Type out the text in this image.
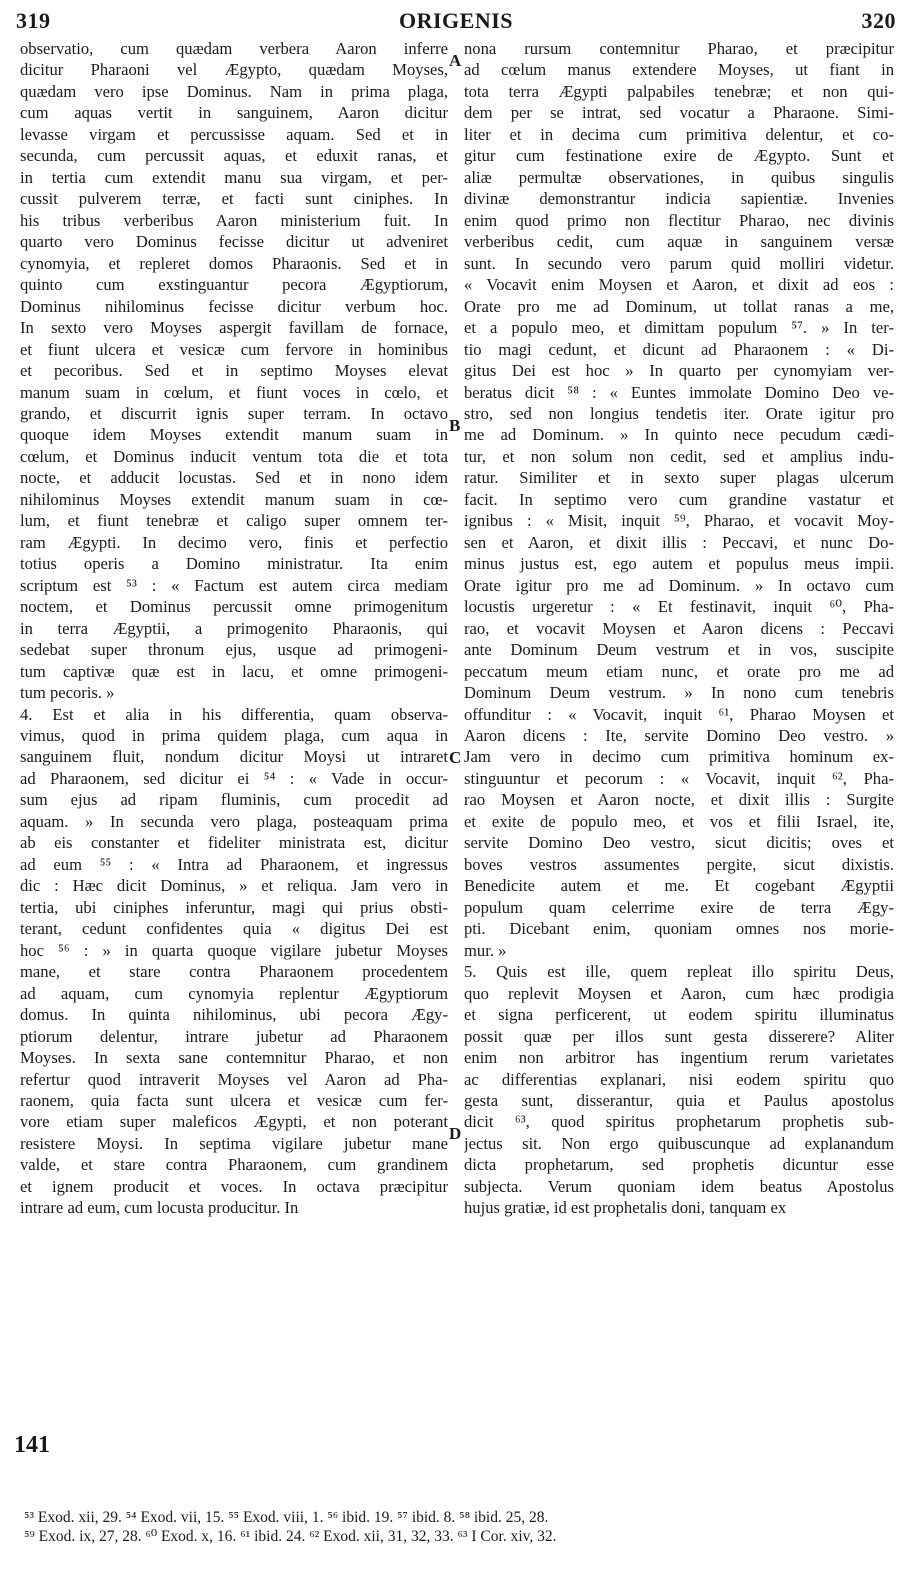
319	ORIGENIS	320
observatio, cum quædam verbera Aaron inferre
dicitur Pharaoni vel Ægypto, quædam Moyses,
quædam vero ipse Dominus. Nam in prima plaga,
cum aquas vertit in sanguinem, Aaron dicitur
levasse virgam et percussisse aquam. Sed et in
secunda, cum percussit aquas, et eduxit ranas, et
in tertia cum extendit manu sua virgam, et per-
cussit pulverem terræ, et facti sunt ciniphes. In
his tribus verberibus Aaron ministerium fuit. In
quarto vero Dominus fecisse dicitur ut adveniret
cynomyia, et repleret domos Pharaonis. Sed et in
quinto cum exstinguantur pecora Ægyptiorum,
Dominus nihilominus fecisse dicitur verbum hoc.
In sexto vero Moyses aspergit favillam de fornace,
et fiunt ulcera et vesicæ cum fervore in hominibus
et pecoribus. Sed et in septimo Moyses elevat
manum suam in cœlum, et fiunt voces in cœlo, et
grando, et discurrit ignis super terram. In octavo
quoque idem Moyses extendit manum suam in
cœlum, et Dominus inducit ventum tota die et tota
nocte, et adducit locustas. Sed et in nono idem
nihilominus Moyses extendit manum suam in cœ-
lum, et fiunt tenebræ et caligo super omnem ter-
ram Ægypti. In decimo vero, finis et perfectio
totius operis a Domino ministratur. Ita enim
scriptum est ⁵³ : « Factum est autem circa mediam
noctem, et Dominus percussit omne primogenitum
in terra Ægyptii, a primogenito Pharaonis, qui
sedebat super thronum ejus, usque ad primogeni-
tum captivæ quæ est in lacu, et omne primogeni-
tum pecoris. »
4. Est et alia in his differentia, quam observa-
vimus, quod in prima quidem plaga, cum aqua in
sanguinem fluit, nondum dicitur Moysi ut intraret
ad Pharaonem, sed dicitur ei ⁵⁴ : « Vade in occur-
sum ejus ad ripam fluminis, cum procedit ad
aquam. » In secunda vero plaga, posteaquam prima
ab eis constanter et fideliter ministrata est, dicitur
ad eum ⁵⁵ : « Intra ad Pharaonem, et ingressus
dic : Hæc dicit Dominus, » et reliqua. Jam vero in
tertia, ubi ciniphes inferuntur, magi qui prius obsti-
terant, cedunt confidentes quia « digitus Dei est
hoc ⁵⁶ : » in quarta quoque vigilare jubetur Moyses
mane, et stare contra Pharaonem procedentem
ad aquam, cum cynomyia replentur Ægyptiorum
domus. In quinta nihilominus, ubi pecora Ægy-
ptiorum delentur, intrare jubetur ad Pharaonem
Moyses. In sexta sane contemnitur Pharao, et non
refertur quod intraverit Moyses vel Aaron ad Pha-
raonem, quia facta sunt ulcera et vesicæ cum fer-
vore etiam super maleficos Ægypti, et non poterant
resistere Moysi. In septima vigilare jubetur mane
valde, et stare contra Pharaonem, cum grandinem
et ignem producit et voces. In octava præcipitur
intrare ad eum, cum locusta producitur. In
nona rursum contemnitur Pharao, et præcipitur
ad cœlum manus extendere Moyses, ut fiant in
tota terra Ægypti palpabiles tenebræ; et non qui-
dem per se intrat, sed vocatur a Pharaone. Simi-
liter et in decima cum primitiva delentur, et co-
gitur cum festinatione exire de Ægypto. Sunt et
aliæ permultæ observationes, in quibus singulis
divinæ demonstrantur indicia sapientiæ. Invenies
enim quod primo non flectitur Pharao, nec divinis
verberibus cedit, cum aquæ in sanguinem versæ
sunt. In secundo vero parum quid molliri videtur.
« Vocavit enim Moysen et Aaron, et dixit ad eos :
Orate pro me ad Dominum, ut tollat ranas a me,
et a populo meo, et dimittam populum ⁵⁷. » In ter-
tio magi cedunt, et dicunt ad Pharaonem : « Di-
gitus Dei est hoc » In quarto per cynomyiam ver-
beratus dicit ⁵⁸ : « Euntes immolate Domino Deo ve-
stro, sed non longius tendetis iter. Orate igitur pro
me ad Dominum. » In quinto nece pecudum cædi-
tur, et non solum non cedit, sed et amplius indu-
ratur. Similiter et in sexto super plagas ulcerum
facit. In septimo vero cum grandine vastatur et
ignibus : « Misit, inquit ⁵⁹, Pharao, et vocavit Moy-
sen et Aaron, et dixit illis : Peccavi, et nunc Do-
minus justus est, ego autem et populus meus impii.
Orate igitur pro me ad Dominum. » In octavo cum
locustis urgeretur : « Et festinavit, inquit ⁶⁰, Pha-
rao, et vocavit Moysen et Aaron dicens : Peccavi
ante Dominum Deum vestrum et in vos, suscipite
peccatum meum etiam nunc, et orate pro me ad
Dominum Deum vestrum. » In nono cum tenebris
offunditur : « Vocavit, inquit ⁶¹, Pharao Moysen et
Aaron dicens : Ite, servite Domino Deo vestro. »
Jam vero in decimo cum primitiva hominum ex-
stinguuntur et pecorum : « Vocavit, inquit ⁶², Pha-
rao Moysen et Aaron nocte, et dixit illis : Surgite
et exite de populo meo, et vos et filii Israel, ite,
servite Domino Deo vestro, sicut dicitis; oves et
boves vestros assumentes pergite, sicut dixistis.
Benedicite autem et me. Et cogebant Ægyptii
populum quam celerrime exire de terra Ægy-
pti. Dicebant enim, quoniam omnes nos morie-
mur. »
5. Quis est ille, quem repleat illo spiritu Deus,
quo replevit Moysen et Aaron, cum hæc prodigia
et signa perficerent, ut eodem spiritu illuminatus
possit quæ per illos sunt gesta disserere? Aliter
enim non arbitror has ingentium rerum varietates
ac differentias explanari, nisi eodem spiritu quo
gesta sunt, disserantur, quia et Paulus apostolus
dicit ⁶³, quod spiritus prophetarum prophetis sub-
jectus sit. Non ergo quibuscunque ad explanandum
dicta prophetarum, sed prophetis dicuntur esse
subjecta. Verum quoniam idem beatus Apostolus
hujus gratiæ, id est prophetalis doni, tanquam ex
A
B
C
D
141
⁵³ Exod. xii, 29. ⁵⁴ Exod. vii, 15. ⁵⁵ Exod. viii, 1. ⁵⁶ ibid. 19. ⁵⁷ ibid. 8. ⁵⁸ ibid. 25, 28.
⁵⁹ Exod. ix, 27, 28. ⁶⁰ Exod. x, 16. ⁶¹ ibid. 24. ⁶² Exod. xii, 31, 32, 33. ⁶³ I Cor. xiv, 32.
